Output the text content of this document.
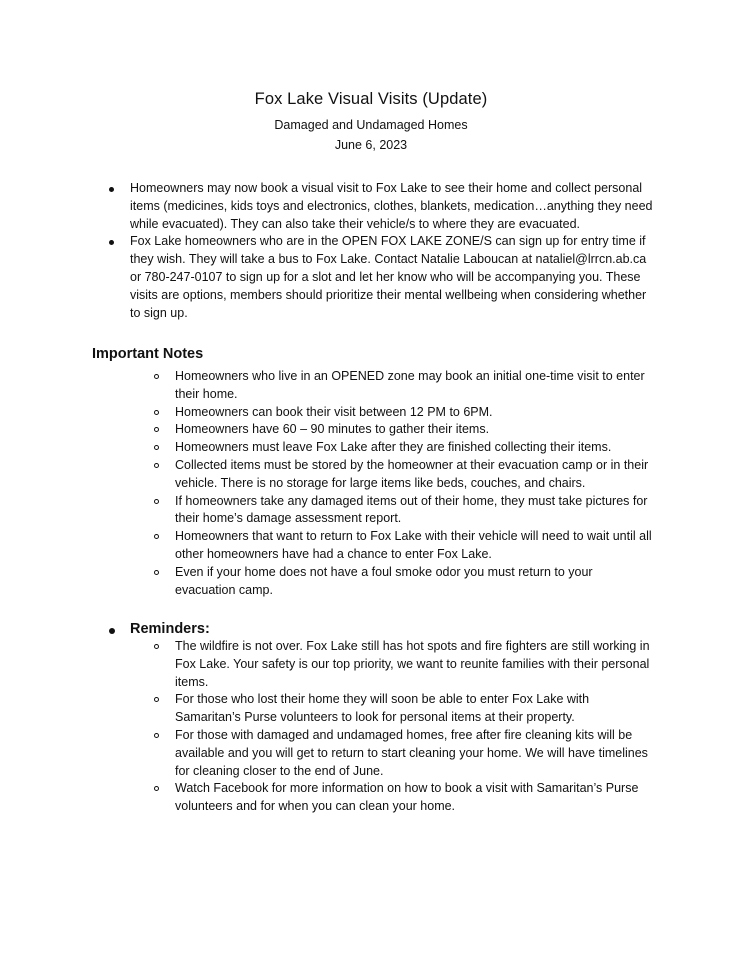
Fox Lake Visual Visits (Update)
Damaged and Undamaged Homes
June 6, 2023
Homeowners may now book a visual visit to Fox Lake to see their home and collect personal items (medicines, kids toys and electronics, clothes, blankets, medication…anything they need while evacuated). They can also take their vehicle/s to where they are evacuated.
Fox Lake homeowners who are in the OPEN FOX LAKE ZONE/S can sign up for entry time if they wish. They will take a bus to Fox Lake. Contact Natalie Laboucan at nataliel@lrrcn.ab.ca or 780-247-0107 to sign up for a slot and let her know who will be accompanying you. These visits are options, members should prioritize their mental wellbeing when considering whether to sign up.
Important Notes
Homeowners who live in an OPENED zone may book an initial one-time visit to enter their home.
Homeowners can book their visit between 12 PM to 6PM.
Homeowners have 60 – 90 minutes to gather their items.
Homeowners must leave Fox Lake after they are finished collecting their items.
Collected items must be stored by the homeowner at their evacuation camp or in their vehicle. There is no storage for large items like beds, couches, and chairs.
If homeowners take any damaged items out of their home, they must take pictures for their home’s damage assessment report.
Homeowners that want to return to Fox Lake with their vehicle will need to wait until all other homeowners have had a chance to enter Fox Lake.
Even if your home does not have a foul smoke odor you must return to your evacuation camp.
Reminders:
The wildfire is not over. Fox Lake still has hot spots and fire fighters are still working in Fox Lake. Your safety is our top priority, we want to reunite families with their personal items.
For those who lost their home they will soon be able to enter Fox Lake with Samaritan’s Purse volunteers to look for personal items at their property.
For those with damaged and undamaged homes, free after fire cleaning kits will be available and you will get to return to start cleaning your home. We will have timelines for cleaning closer to the end of June.
Watch Facebook for more information on how to book a visit with Samaritan’s Purse volunteers and for when you can clean your home.
